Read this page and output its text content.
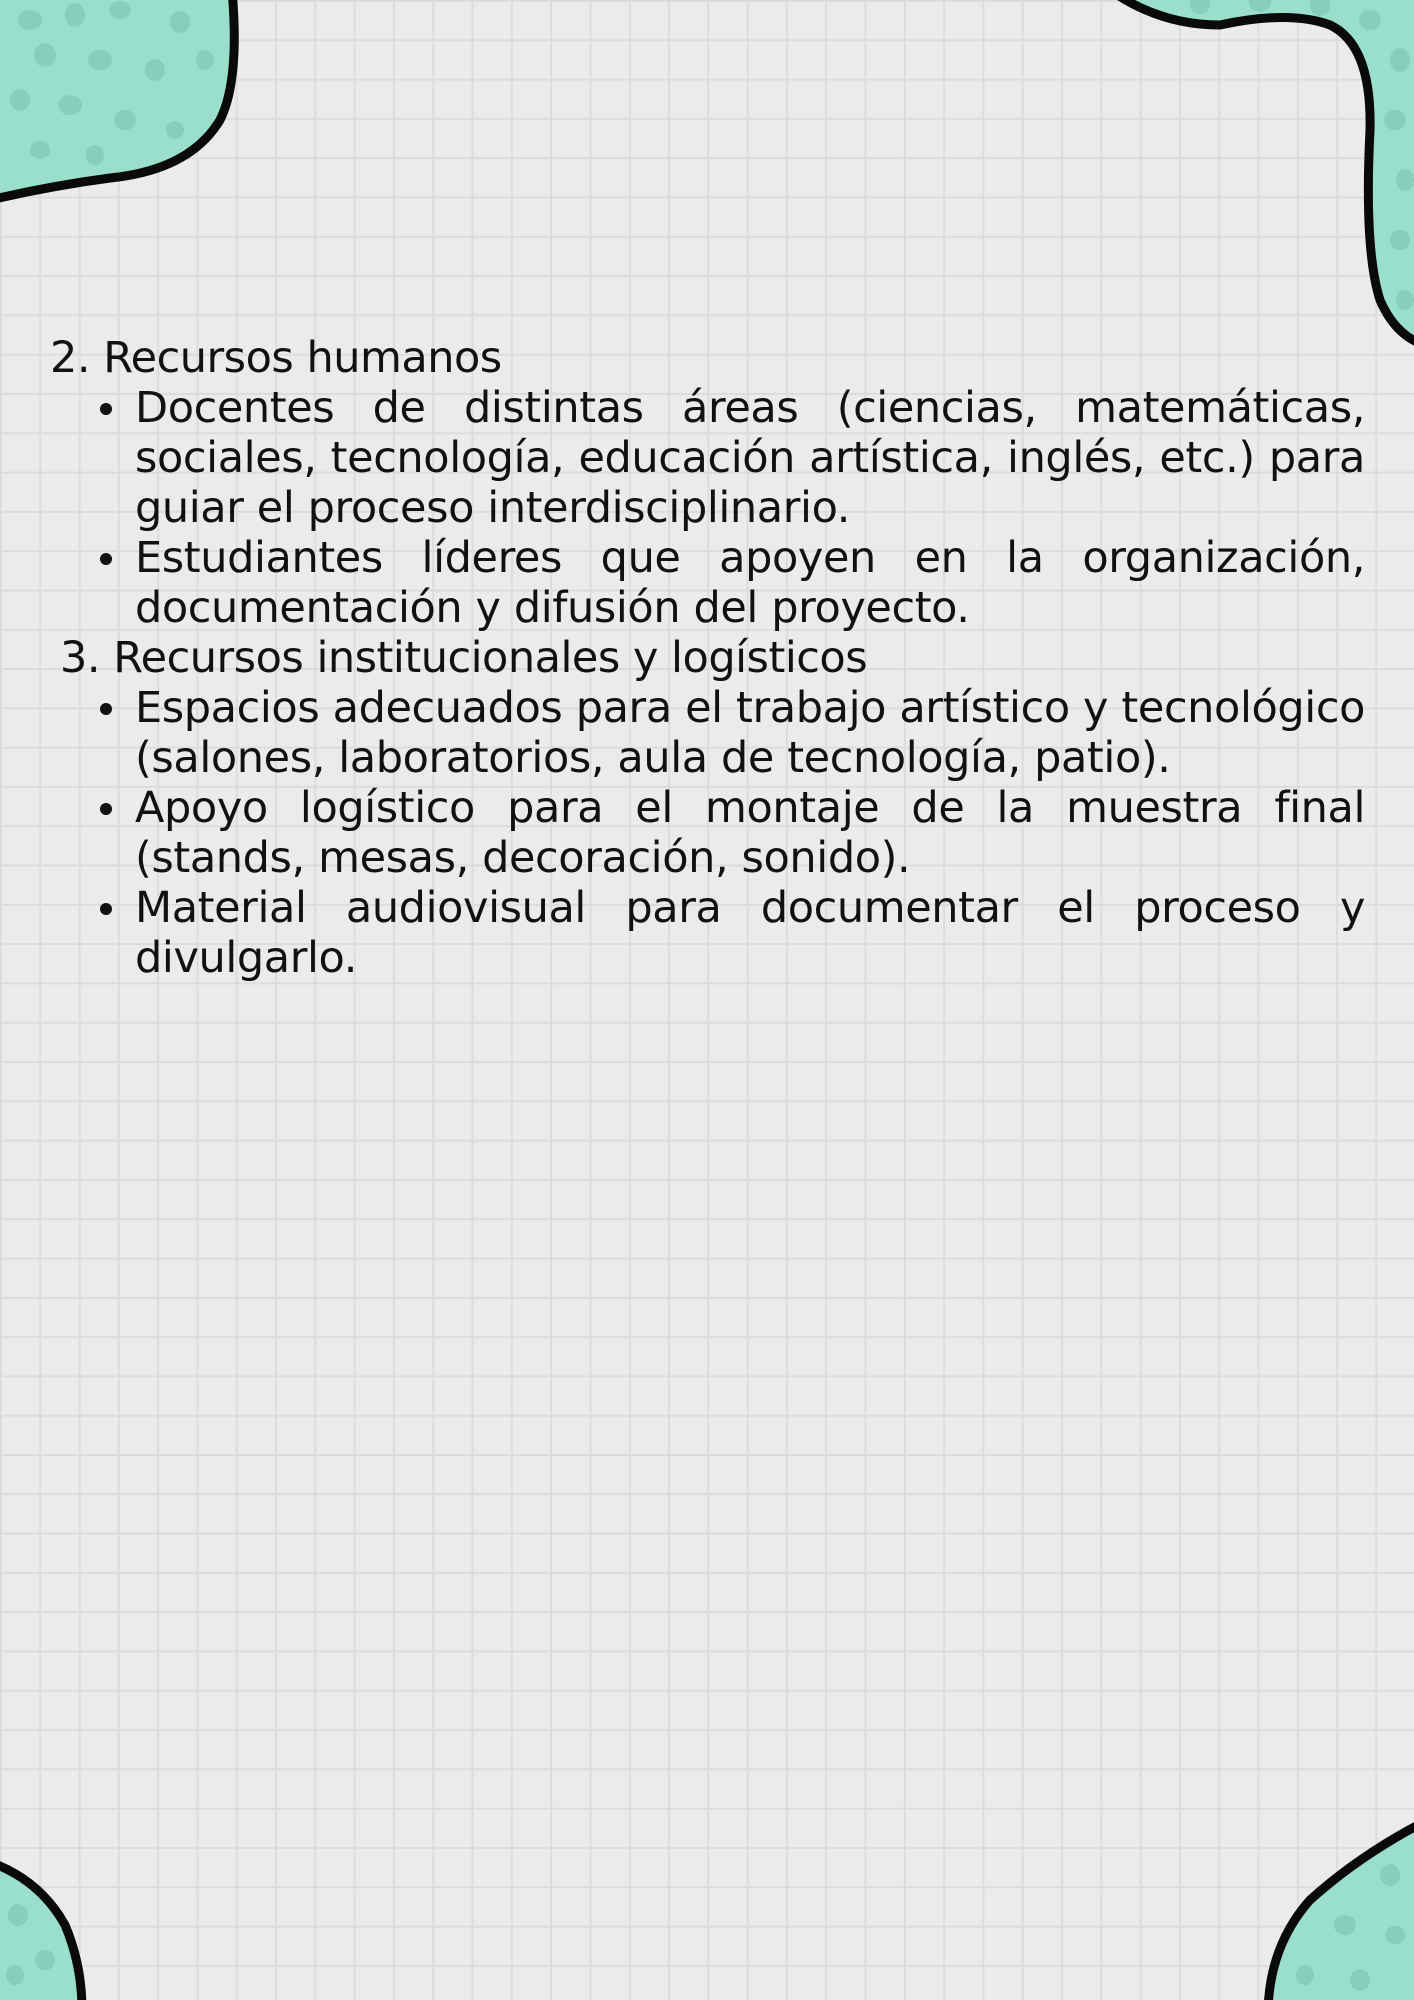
2. Recursos humanos
Docentes de distintas áreas (ciencias, matemáticas, sociales, tecnología, educación artística, inglés, etc.) para guiar el proceso interdisciplinario.
Estudiantes líderes que apoyen en la organización, documentación y difusión del proyecto.
3. Recursos institucionales y logísticos
Espacios adecuados para el trabajo artístico y tecnológico (salones, laboratorios, aula de tecnología, patio).
Apoyo logístico para el montaje de la muestra final (stands, mesas, decoración, sonido).
Material audiovisual para documentar el proceso y divulgarlo.
